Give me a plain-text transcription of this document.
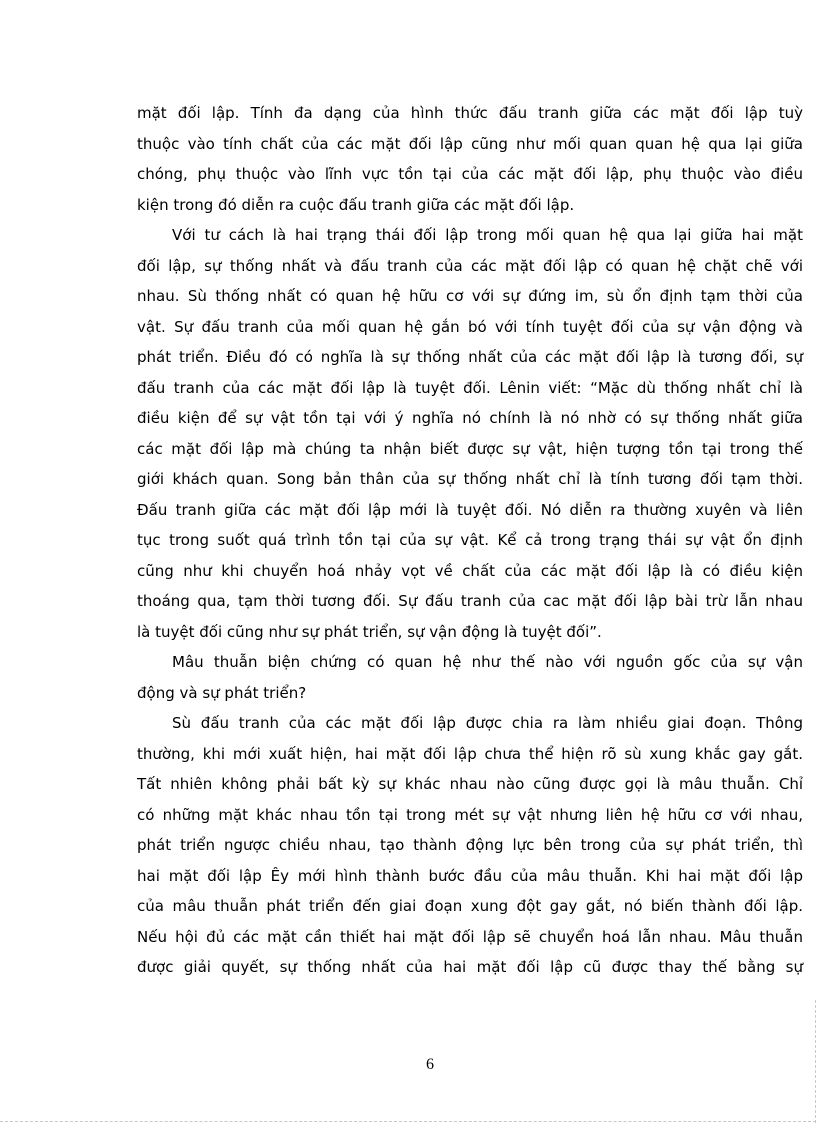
mặt đối lập. Tính đa dạng của hình thức đấu tranh giữa các mặt đối lập tuỳ
thuộc vào tính chất của các mặt đối lập cũng như mối quan quan hệ qua lại giữa
chóng, phụ thuộc vào lĩnh vực tồn tại của các mặt đối lập, phụ thuộc vào điều
kiện trong đó diễn ra cuộc đấu tranh giữa các mặt đối lập.

Với tư cách là hai trạng thái đối lập trong mối quan hệ qua lại giữa hai mặt
đối lập, sự thống nhất và đấu tranh của các mặt đối lập có quan hệ chặt chẽ với
nhau. Sù thống nhất có quan hệ hữu cơ với sự đứng im, sù ổn định tạm thời của
vật. Sự đấu tranh của mối quan hệ gắn bó với tính tuyệt đối của sự vận động và
phát triển. Điều đó có nghĩa là sự thống nhất của các mặt đối lập là tương đối, sự
đấu tranh của các mặt đối lập là tuyệt đối. Lênin viết: “Mặc dù thống nhất chỉ là
điều kiện để sự vật tồn tại với ý nghĩa nó chính là nó nhờ có sự thống nhất giữa
các mặt đối lập mà chúng ta nhận biết được sự vật, hiện tượng tồn tại trong thế
giới khách quan. Song bản thân của sự thống nhất chỉ là tính tương đối tạm thời.
Đấu tranh giữa các mặt đối lập mới là tuyệt đối. Nó diễn ra thường xuyên và liên
tục trong suốt quá trình tồn tại của sự vật. Kể cả trong trạng thái sự vật ổn định
cũng như khi chuyển hoá nhảy vọt về chất của các mặt đối lập là có điều kiện
thoáng qua, tạm thời tương đối. Sự đấu tranh của cac mặt đối lập bài trừ lẫn nhau
là tuyệt đối cũng như sự phát triển, sự vận động là tuyệt đối”.

Mâu thuẫn biện chứng có quan hệ như thế nào với nguồn gốc của sự vận
động và sự phát triển?

Sù đấu tranh của các mặt đối lập được chia ra làm nhiều giai đoạn. Thông
thường, khi mới xuất hiện, hai mặt đối lập chưa thể hiện rõ sù xung khắc gay gắt.
Tất nhiên không phải bất kỳ sự khác nhau nào cũng được gọi là mâu thuẫn. Chỉ
có những mặt khác nhau tồn tại trong mét sự vật nhưng liên hệ hữu cơ với nhau,
phát triển ngược chiều nhau, tạo thành động lực bên trong của sự phát triển, thì
hai mặt đối lập Êy mới hình thành bước đầu của mâu thuẫn. Khi hai mặt đối lập
của mâu thuẫn phát triển đến giai đoạn xung đột gay gắt, nó biến thành đối lập.
Nếu hội đủ các mặt cần thiết hai mặt đối lập sẽ chuyển hoá lẫn nhau. Mâu thuẫn
được giải quyết, sự thống nhất của hai mặt đối lập cũ được thay thế bằng sự

6
